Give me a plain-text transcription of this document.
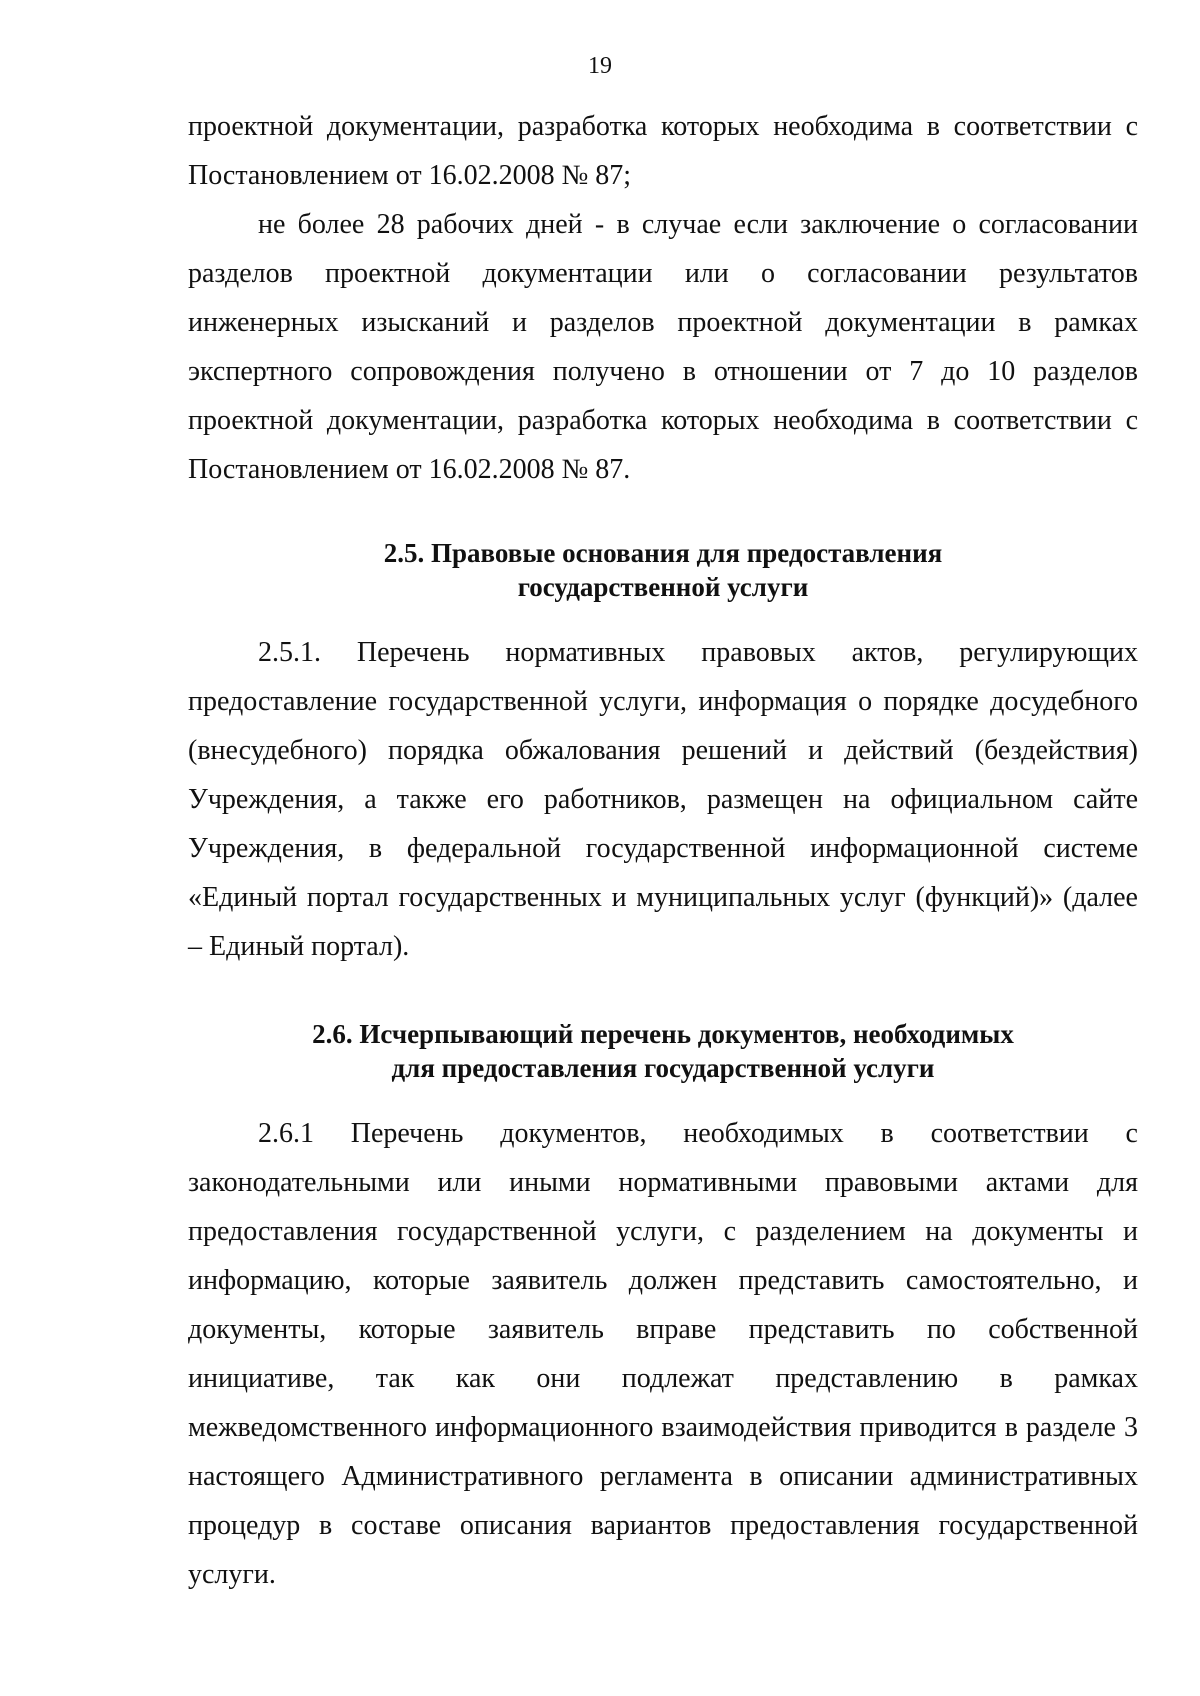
19

проектной документации, разработка которых необходима в соответствии с Постановлением от 16.02.2008 № 87;

не более 28 рабочих дней - в случае если заключение о согласовании разделов проектной документации или о согласовании результатов инженерных изысканий и разделов проектной документации в рамках экспертного сопровождения получено в отношении от 7 до 10 разделов проектной документации, разработка которых необходима в соответствии с Постановлением от 16.02.2008 № 87.

2.5. Правовые основания для предоставления
государственной услуги

2.5.1. Перечень нормативных правовых актов, регулирующих предоставление государственной услуги, информация о порядке досудебного (внесудебного) порядка обжалования решений и действий (бездействия) Учреждения, а также его работников, размещен на официальном сайте Учреждения, в федеральной государственной информационной системе «Единый портал государственных и муниципальных услуг (функций)» (далее – Единый портал).

2.6. Исчерпывающий перечень документов, необходимых
для предоставления государственной услуги

2.6.1 Перечень документов, необходимых в соответствии с законодательными или иными нормативными правовыми актами для предоставления государственной услуги, с разделением на документы и информацию, которые заявитель должен представить самостоятельно, и документы, которые заявитель вправе представить по собственной инициативе, так как они подлежат представлению в рамках межведомственного информационного взаимодействия приводится в разделе 3 настоящего Административного регламента в описании административных процедур в составе описания вариантов предоставления государственной услуги.
